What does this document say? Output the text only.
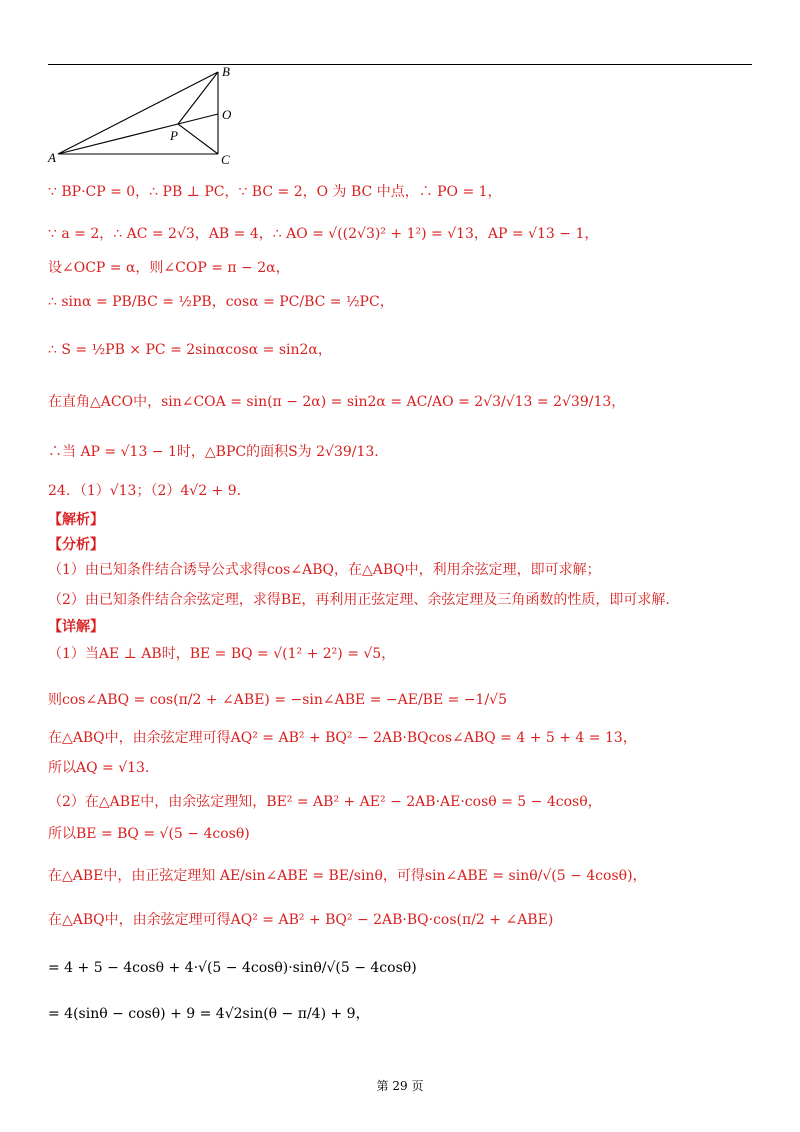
A
B
C
O
P
∵ BP·CP = 0，∴ PB ⊥ PC，∵ BC = 2，O 为 BC 中点，∴ PO = 1，
∵ a = 2，∴ AC = 2√3，AB = 4，∴ AO = √((2√3)² + 1²) = √13，AP = √13 − 1，
设∠OCP = α，则∠COP = π − 2α，
∴ sinα = PB/BC = ½PB，cosα = PC/BC = ½PC，
∴ S = ½PB × PC = 2sinαcosα = sin2α，
在直角△ACO中，sin∠COA = sin(π − 2α) = sin2α = AC/AO = 2√3/√13 = 2√39/13，
∴当 AP = √13 − 1时，△BPC的面积S为 2√39/13.
24．（1）√13；（2）4√2 + 9．
【解析】
【分析】
（1）由已知条件结合诱导公式求得cos∠ABQ，在△ABQ中，利用余弦定理，即可求解；
（2）由已知条件结合余弦定理，求得BE，再利用正弦定理、余弦定理及三角函数的性质，即可求解.
【详解】
（1）当AE ⊥ AB时，BE = BQ = √(1² + 2²) = √5，
则cos∠ABQ = cos(π/2 + ∠ABE) = −sin∠ABE = −AE/BE = −1/√5
在△ABQ中，由余弦定理可得AQ² = AB² + BQ² − 2AB·BQcos∠ABQ = 4 + 5 + 4 = 13，
所以AQ = √13．
（2）在△ABE中，由余弦定理知，BE² = AB² + AE² − 2AB·AE·cosθ = 5 − 4cosθ，
所以BE = BQ = √(5 − 4cosθ)
在△ABE中，由正弦定理知 AE/sin∠ABE = BE/sinθ，可得sin∠ABE = sinθ/√(5 − 4cosθ)，
在△ABQ中，由余弦定理可得AQ² = AB² + BQ² − 2AB·BQ·cos(π/2 + ∠ABE)
= 4 + 5 − 4cosθ + 4·√(5 − 4cosθ)·sinθ/√(5 − 4cosθ)
= 4(sinθ − cosθ) + 9 = 4√2sin(θ − π/4) + 9，
第 29 页
